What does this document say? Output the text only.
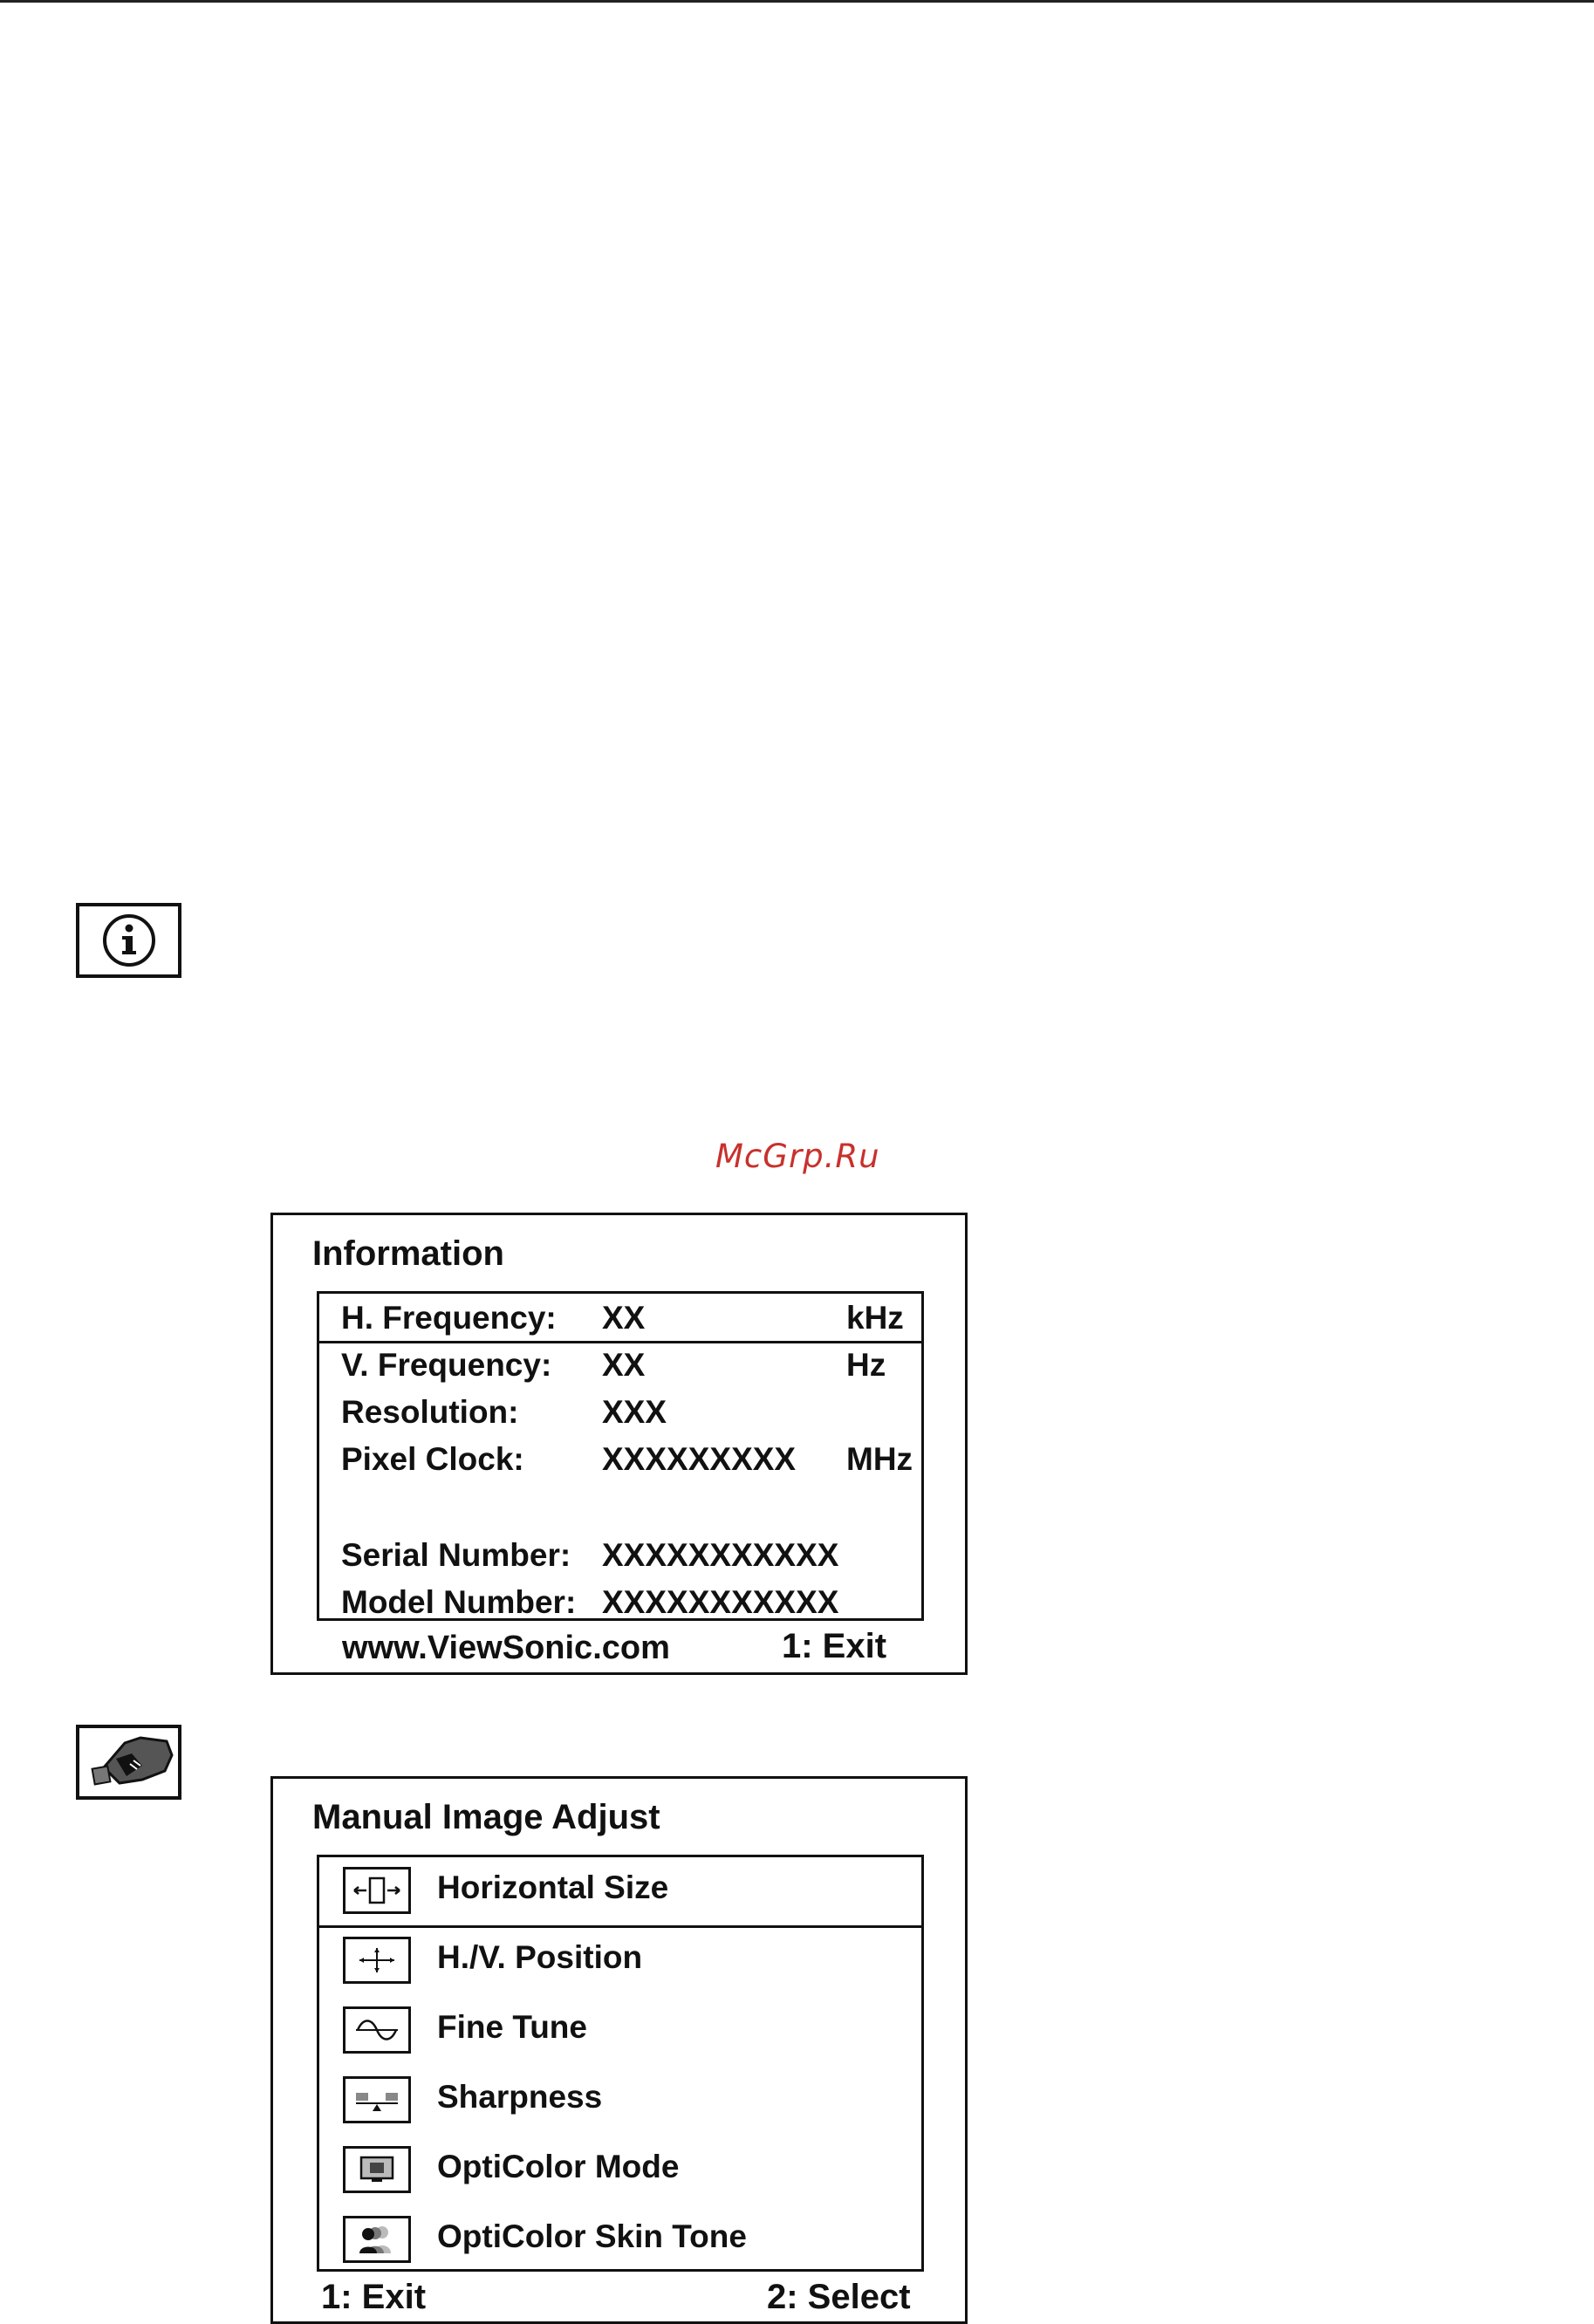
McGrp.Ru
Information
H. Frequency: XX	kHz
V. Frequency: XX	Hz
Resolution:	XXX
Pixel Clock: XXXXXXXXX MHz
Serial Number: XXXXXXXXXXX
Model Number: XXXXXXXXXXX
www.ViewSonic.com	1: Exit
Manual Image Adjust
Horizontal Size
H./V. Position
Fine Tune
Sharpness
OptiColor Mode
OptiColor Skin Tone
1: Exit	2: Select
